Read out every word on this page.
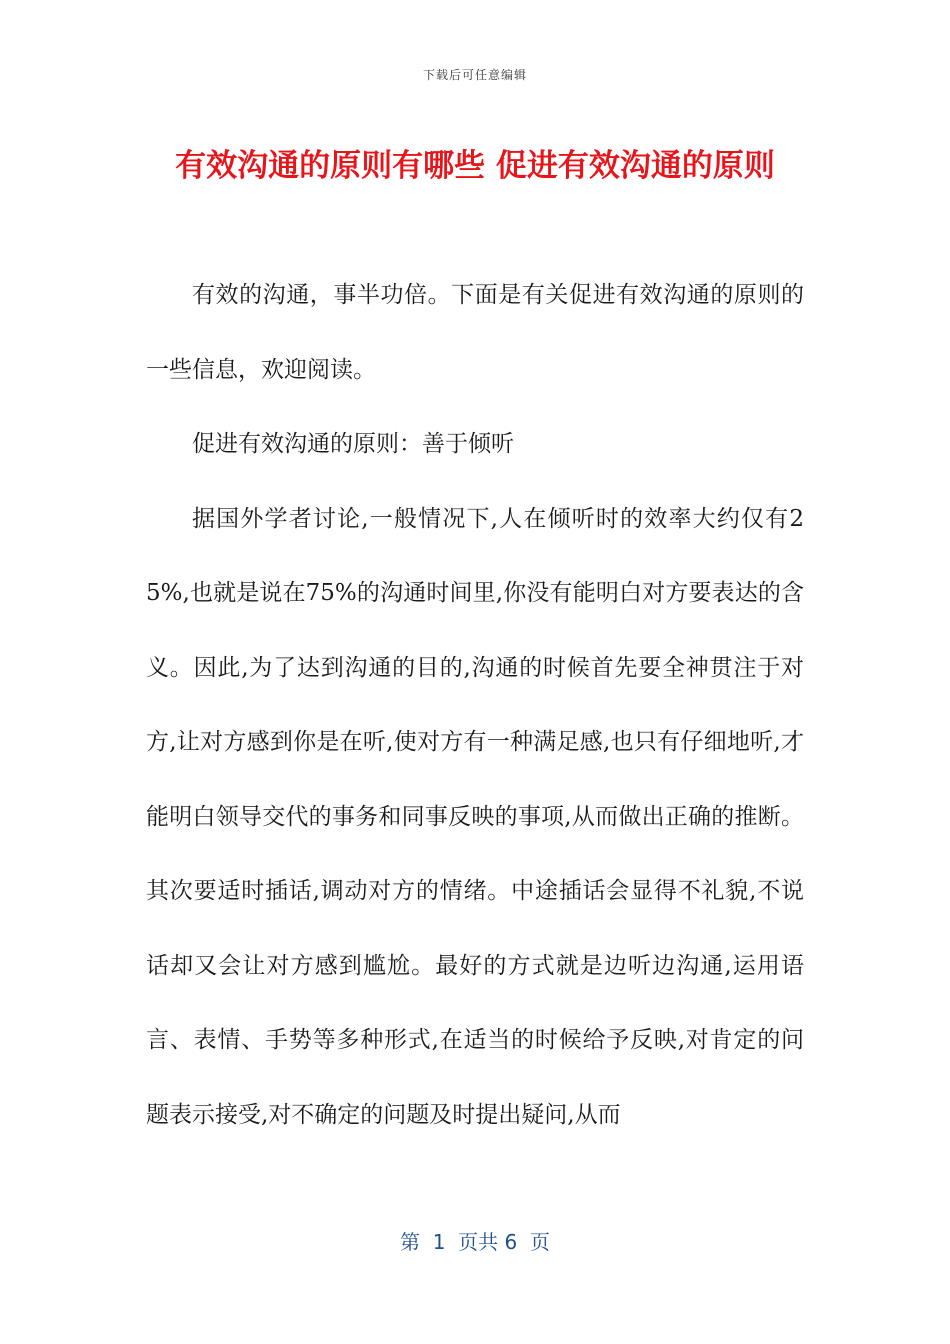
下载后可任意编辑
有效沟通的原则有哪些 促进有效沟通的原则

有效的沟通，事半功倍。下面是有关促进有效沟通的原则的一些信息，欢迎阅读。

促进有效沟通的原则：善于倾听

据国外学者讨论,一般情况下,人在倾听时的效率大约仅有25%,也就是说在75%的沟通时间里,你没有能明白对方要表达的含义。因此,为了达到沟通的目的,沟通的时候首先要全神贯注于对方,让对方感到你是在听,使对方有一种满足感,也只有仔细地听,才能明白领导交代的事务和同事反映的事项,从而做出正确的推断。其次要适时插话,调动对方的情绪。中途插话会显得不礼貌,不说话却又会让对方感到尴尬。最好的方式就是边听边沟通,运用语言、表情、手势等多种形式,在适当的时候给予反映,对肯定的问题表示接受,对不确定的问题及时提出疑问,从而

第  1  页共 6  页
